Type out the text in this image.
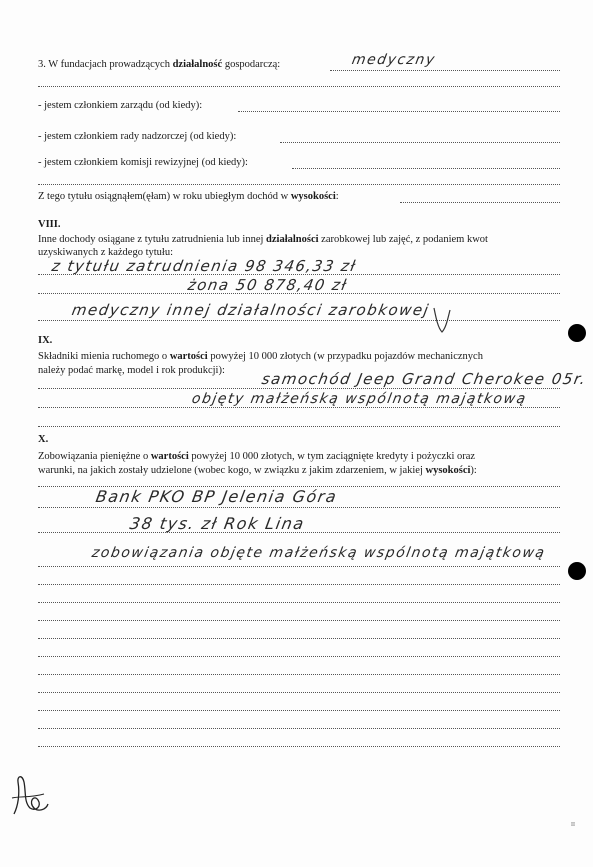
3. W fundacjach prowadzących działalność gospodarczą:	medyczny
- jestem członkiem zarządu (od kiedy):
- jestem członkiem rady nadzorczej (od kiedy):
- jestem członkiem komisji rewizyjnej (od kiedy):
Z tego tytułu osiągnąłem(ęłam) w roku ubiegłym dochód w wysokości:
VIII.
Inne dochody osiągane z tytułu zatrudnienia lub innej działalności zarobkowej lub zajęć, z podaniem kwot
uzyskiwanych z każdego tytułu:
z tytułu zatrudnienia 98 346,33 zł
żona 50 878,40 zł
medyczny innej działalności zarobkowej
IX.
Składniki mienia ruchomego o wartości powyżej 10 000 złotych (w przypadku pojazdów mechanicznych
należy podać markę, model i rok produkcji): samochód Jeep Grand Cherokee 05r.
objęty małżeńską wspólnotą majątkową
X.
Zobowiązania pieniężne o wartości powyżej 10 000 złotych, w tym zaciągnięte kredyty i pożyczki oraz
warunki, na jakich zostały udzielone (wobec kogo, w związku z jakim zdarzeniem, w jakiej wysokości):
Bank PKO BP Jelenia Góra
38 tys. zł Rok Lina
zobowiązania objęte małżeńską wspólnotą majątkową
II
